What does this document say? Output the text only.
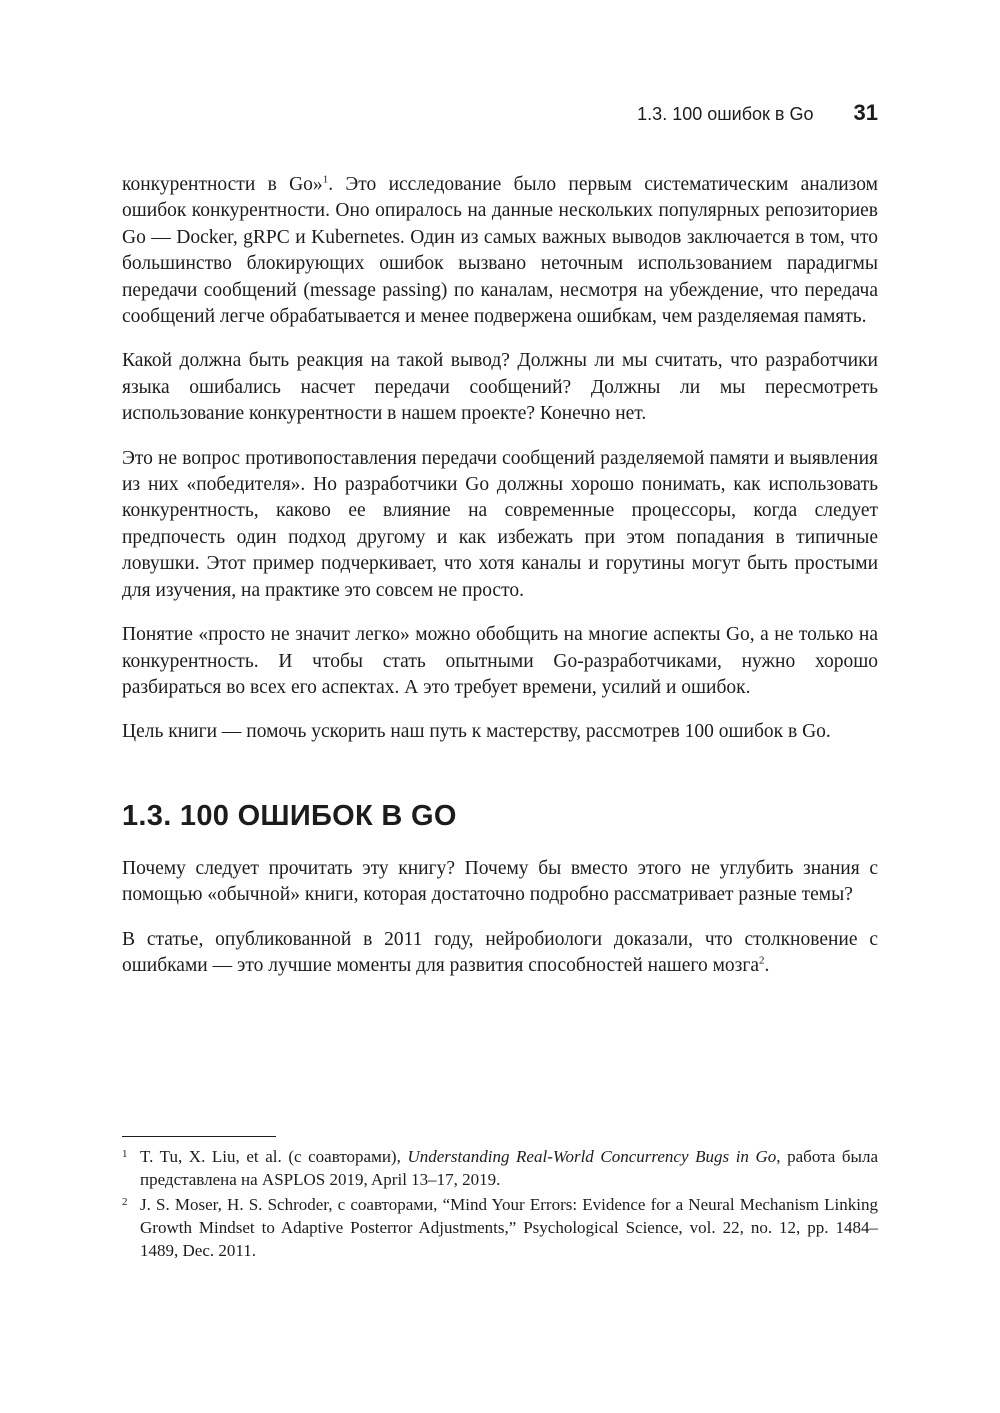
1.3. 100 ошибок в Go 31

конкурентности в Go»$^1$. Это исследование было первым систематическим анализом ошибок конкурентности. Оно опиралось на данные нескольких популярных репозиториев Go — Docker, gRPC и Kubernetes. Один из самых важных выводов заключается в том, что большинство блокирующих ошибок вызвано неточным использованием парадигмы передачи сообщений (message passing) по каналам, несмотря на убеждение, что передача сообщений легче обрабатывается и менее подвержена ошибкам, чем разделяемая память.

Какой должна быть реакция на такой вывод? Должны ли мы считать, что разработчики языка ошибались насчет передачи сообщений? Должны ли мы пересмотреть использование конкурентности в нашем проекте? Конечно нет.

Это не вопрос противопоставления передачи сообщений разделяемой памяти и выявления из них «победителя». Но разработчики Go должны хорошо понимать, как использовать конкурентность, каково ее влияние на современные процессоры, когда следует предпочесть один подход другому и как избежать при этом попадания в типичные ловушки. Этот пример подчеркивает, что хотя каналы и горутины могут быть простыми для изучения, на практике это совсем не просто.

Понятие «просто не значит легко» можно обобщить на многие аспекты Go, а не только на конкурентность. И чтобы стать опытными Go-разработчиками, нужно хорошо разбираться во всех его аспектах. А это требует времени, усилий и ошибок.

Цель книги — помочь ускорить наш путь к мастерству, рассмотрев 100 ошибок в Go.

1.3. 100 ОШИБОК В GO

Почему следует прочитать эту книгу? Почему бы вместо этого не углубить знания с помощью «обычной» книги, которая достаточно подробно рассматривает разные темы?

В статье, опубликованной в 2011 году, нейробиологи доказали, что столкновение с ошибками — это лучшие моменты для развития способностей нашего мозга$^2$.

1 T. Tu, X. Liu, et al. (с соавторами), Understanding Real-World Concurrency Bugs in Go, работа была представлена на ASPLOS 2019, April 13–17, 2019.
2 J. S. Moser, H. S. Schroder, с соавторами, “Mind Your Errors: Evidence for a Neural Mechanism Linking Growth Mindset to Adaptive Posterror Adjustments,” Psychological Science, vol. 22, no. 12, pp. 1484–1489, Dec. 2011.
